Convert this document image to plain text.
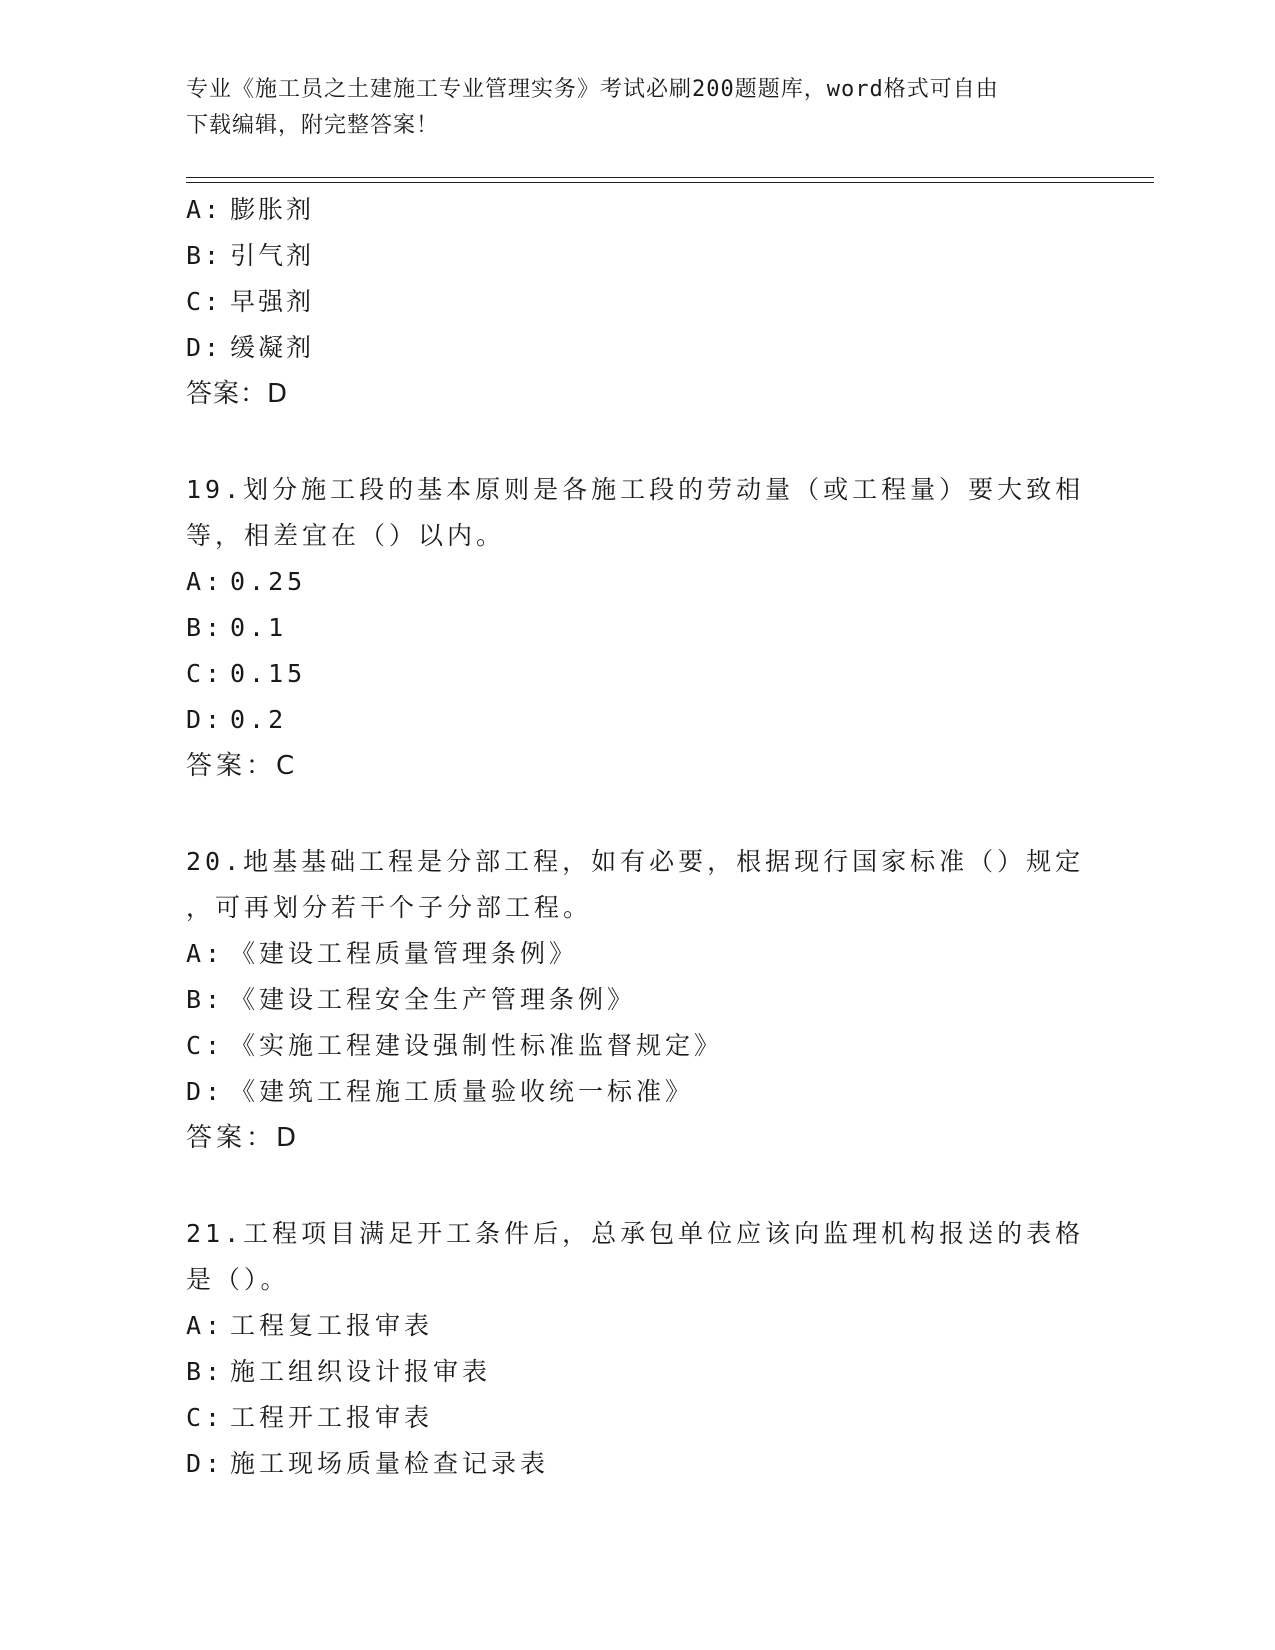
专业《施工员之土建施工专业管理实务》考试必刷200题题库，word格式可自由
下载编辑，附完整答案！
A: 膨胀剂
B: 引气剂
C: 早强剂
D: 缓凝剂
答案：D
19.划分施工段的基本原则是各施工段的劳动量（或工程量）要大致相
等，相差宜在（）以内。
A: 0.25
B: 0.1
C: 0.15
D: 0.2
答案：C
20.地基基础工程是分部工程，如有必要，根据现行国家标准（）规定
，可再划分若干个子分部工程。
A: 《建设工程质量管理条例》
B: 《建设工程安全生产管理条例》
C: 《实施工程建设强制性标准监督规定》
D: 《建筑工程施工质量验收统一标准》
答案：D
21.工程项目满足开工条件后，总承包单位应该向监理机构报送的表格
是（）。
A: 工程复工报审表
B: 施工组织设计报审表
C: 工程开工报审表
D: 施工现场质量检查记录表
